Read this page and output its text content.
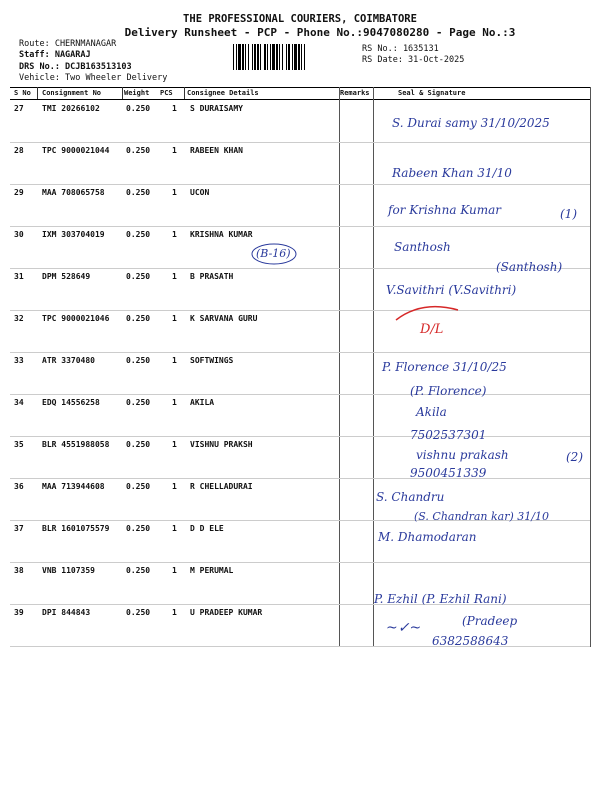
THE PROFESSIONAL COURIERS, COIMBATORE
Delivery Runsheet - PCP - Phone No.:9047080280 - Page No.:3
Route: CHERNMANAGAR
Staff: NAGARAJ
DRS No.: DCJB163513103
Vehicle: Two Wheeler Delivery
RS No.: 1635131
RS Date: 31-Oct-2025
S No Consignment No	Weight PCS Consignee Details	Remarks	Seal & Signature
27 TMI 20266102	0.250	1 S DURAISAMY
28 TPC 9000021044 0.250	1 RABEEN KHAN
29 MAA 708065758	0.250	1 UCON
30 IXM 303704019	0.250	1 KRISHNA KUMAR
31 DPM 528649	0.250	1 B PRASATH
32 TPC 9000021046 0.250	1 K SARVANA GURU
33 ATR 3370480	0.250	1 SOFTWINGS
34 EDQ 14556258	0.250	1 AKILA
35 BLR 4551988058 0.250	1 VISHNU PRAKSH
36 MAA 713944608	0.250	1 R CHELLADURAI
37 BLR 1601075579 0.250	1 D D ELE
38 VNB 1107359	0.250	1 M PERUMAL
39 DPI 844843	0.250	1 U PRADEEP KUMAR
S. Durai samy 31/10/2025
Rabeen Khan 31/10
for Krishna Kumar	(1)
(B-16)	Santhosh
(Santhosh)
V.Savithri (V.Savithri)
D/L
P. Florence 31/10/25
(P. Florence)
Akila
7502537301
vishnu prakash	(2)
9500451339
S. Chandru
(S. Chandran kar) 31/10
M. Dhamodaran
P. Ezhil (P. Ezhil Rani)
~✓~	(Pradeep
6382588643
